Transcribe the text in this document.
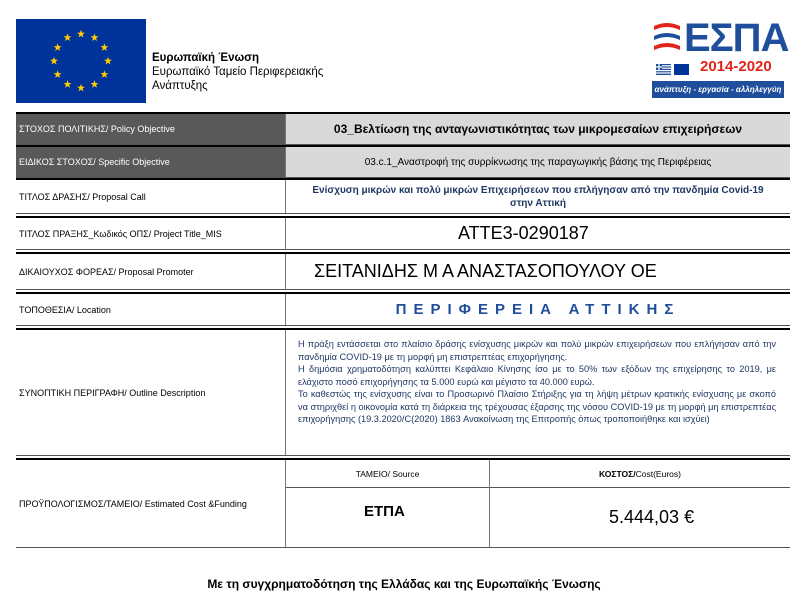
Ευρωπαϊκή Ένωση
Ευρωπαϊκό Ταμείο Περιφερειακής
Ανάπτυξης
ΕΣΠΑ
2014-2020
ανάπτυξη - εργασία - αλληλεγγύη
ΣΤΟΧΟΣ ΠΟΛΙΤΙΚΗΣ/ Policy Objective	03_Βελτίωση της ανταγωνιστικότητας των μικρομεσαίων επιχειρήσεων
ΕΙΔΙΚΟΣ ΣΤΟΧΟΣ/ Specific Objective	03.c.1_Αναστροφή της συρρίκνωσης της παραγωγικής βάσης της Περιφέρειας
ΤΙΤΛΟΣ ΔΡΑΣΗΣ/ Proposal Call
Ενίσχυση μικρών και πολύ μικρών Επιχειρήσεων που επλήγησαν από την πανδημία Covid-19 στην Αττική
ΤΙΤΛΟΣ ΠΡΑΞΗΣ_Κωδικός ΟΠΣ/ Project Title_MIS	ΑΤΤΕ3-0290187
ΔΙΚΑΙΟΥΧΟΣ ΦΟΡΕΑΣ/ Proposal Promoter	ΣΕΙΤΑΝΙΔΗΣ Μ Α ΑΝΑΣΤΑΣΟΠΟΥΛΟΥ ΟΕ
ΤΟΠΟΘΕΣΙΑ/ Location	ΠΕΡΙΦΕΡΕΙΑ ΑΤΤΙΚΗΣ
ΣΥΝΟΠΤΙΚΗ ΠΕΡΙΓΡΑΦΗ/ Outline Description

Η πράξη εντάσσεται στο πλαίσιο δράσης ενίσχυσης μικρών και πολύ μικρών επιχειρήσεων που επλήγησαν από την πανδημία COVID-19 με τη μορφή μη επιστρεπτέας επιχορήγησης.

Η δημόσια χρηματοδότηση καλύπτει Κεφάλαιο Κίνησης ίσο με το 50% των εξόδων της επιχείρησης το 2019, με ελάχιστο ποσό επιχορήγησης τα 5.000 ευρώ και μέγιστο τα 40.000 ευρώ.

Το καθεστώς της ενίσχυσης είναι το Προσωρινό Πλαίσιο Στήριξης για τη λήψη μέτρων κρατικής ενίσχυσης με σκοπό να στηριχθεί η οικονομία κατά τη διάρκεια της τρέχουσας έξαρσης της νόσου COVID-19 με τη μορφή μη επιστρεπτέας επιχορήγησης (19.3.2020/C(2020) 1863 Ανακοίνωση της Επιτροπής όπως τροποποιήθηκε και ισχύει)

ΠΡΟΫΠΟΛΟΓΙΣΜΟΣ/ΤΑΜΕΙΟ/ Estimated Cost &Funding
ΤΑΜΕΙΟ/ Source	ΚΟΣΤΟΣ/ Cost(Euros)
ΕΤΠΑ	5.444,03 €
Με τη συγχρηματοδότηση της Ελλάδας και της Ευρωπαϊκής Ένωσης
